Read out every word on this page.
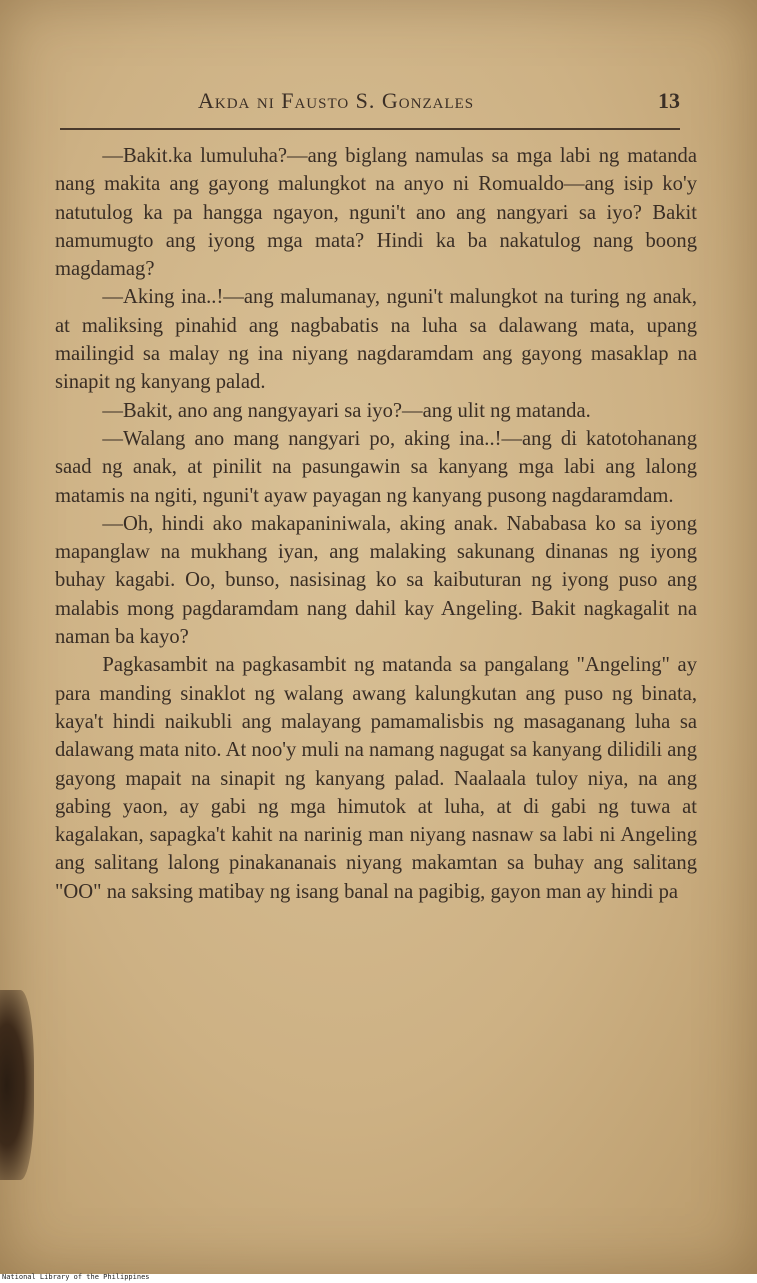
Akda ni Fausto S. Gonzales	13

—Bakit.ka lumuluha?—ang biglang namulas sa mga labi ng matanda nang makita ang gayong malungkot na anyo ni Romualdo—ang isip ko'y natutulog ka pa hangga ngayon, nguni't ano ang nangyari sa iyo? Bakit namumugto ang iyong mga mata? Hindi ka ba nakatulog nang boong magdamag?

—Aking ina..!—ang malumanay, nguni't malungkot na turing ng anak, at maliksing pinahid ang nagbabatis na luha sa dalawang mata, upang mailingid sa malay ng ina niyang nagdaramdam ang gayong masaklap na sinapit ng kanyang palad.

—Bakit, ano ang nangyayari sa iyo?—ang ulit ng matanda.

—Walang ano mang nangyari po, aking ina..!—ang di katotohanang saad ng anak, at pinilit na pasungawin sa kanyang mga labi ang lalong matamis na ngiti, nguni't ayaw payagan ng kanyang pusong nagdaramdam.

—Oh, hindi ako makapaniniwala, aking anak. Nababasa ko sa iyong mapanglaw na mukhang iyan, ang malaking sakunang dinanas ng iyong buhay kagabi. Oo, bunso, nasisinag ko sa kaibuturan ng iyong puso ang malabis mong pagdaramdam nang dahil kay Angeling. Bakit nagkagalit na naman ba kayo?

Pagkasambit na pagkasambit ng matanda sa pangalang "Angeling" ay para manding sinaklot ng walang awang kalungkutan ang puso ng binata, kaya't hindi naikubli ang malayang pamamalisbis ng masaganang luha sa dalawang mata nito. At noo'y muli na namang nagugat sa kanyang dilidili ang gayong mapait na sinapit ng kanyang palad. Naalaala tuloy niya, na ang gabing yaon, ay gabi ng mga himutok at luha, at di gabi ng tuwa at kagalakan, sapagka't kahit na narinig man niyang nasnaw sa labi ni Angeling ang salitang lalong pinakananais niyang makamtan sa buhay ang salitang "OO" na saksing matibay ng isang banal na pagibig, gayon man ay hindi pa

National Library of the Philippines
